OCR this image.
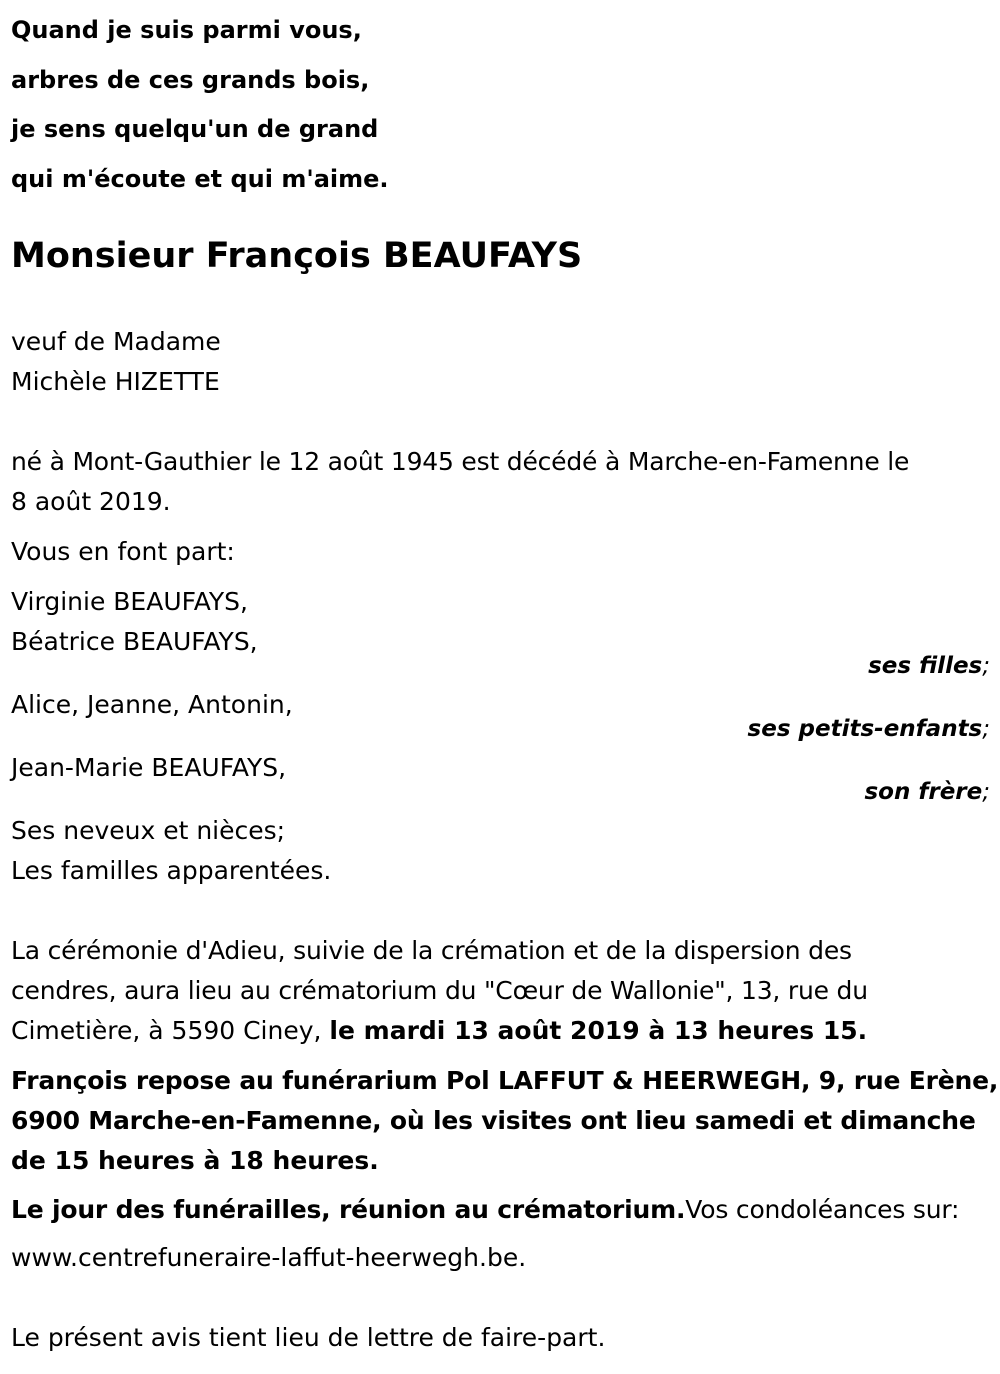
Quand je suis parmi vous,
arbres de ces grands bois,
je sens quelqu'un de grand
qui m'écoute et qui m'aime.
Monsieur François BEAUFAYS
veuf de Madame
Michèle HIZETTE
né à Mont-Gauthier le 12 août 1945 est décédé à Marche-en-Famenne le
8 août 2019.
Vous en font part:
Virginie BEAUFAYS,
Béatrice BEAUFAYS,
ses filles;
Alice, Jeanne, Antonin,
ses petits-enfants;
Jean-Marie BEAUFAYS,
son frère;
Ses neveux et nièces;
Les familles apparentées.
La cérémonie d'Adieu, suivie de la crémation et de la dispersion des
cendres, aura lieu au crématorium du "Cœur de Wallonie", 13, rue du
Cimetière, à 5590 Ciney, le mardi 13 août 2019 à 13 heures 15.
François repose au funérarium Pol LAFFUT & HEERWEGH, 9, rue Erène,
6900 Marche-en-Famenne, où les visites ont lieu samedi et dimanche
de 15 heures à 18 heures.
Le jour des funérailles, réunion au crématorium.Vos condoléances sur:
www.centrefuneraire-laffut-heerwegh.be.
Le présent avis tient lieu de lettre de faire-part.
